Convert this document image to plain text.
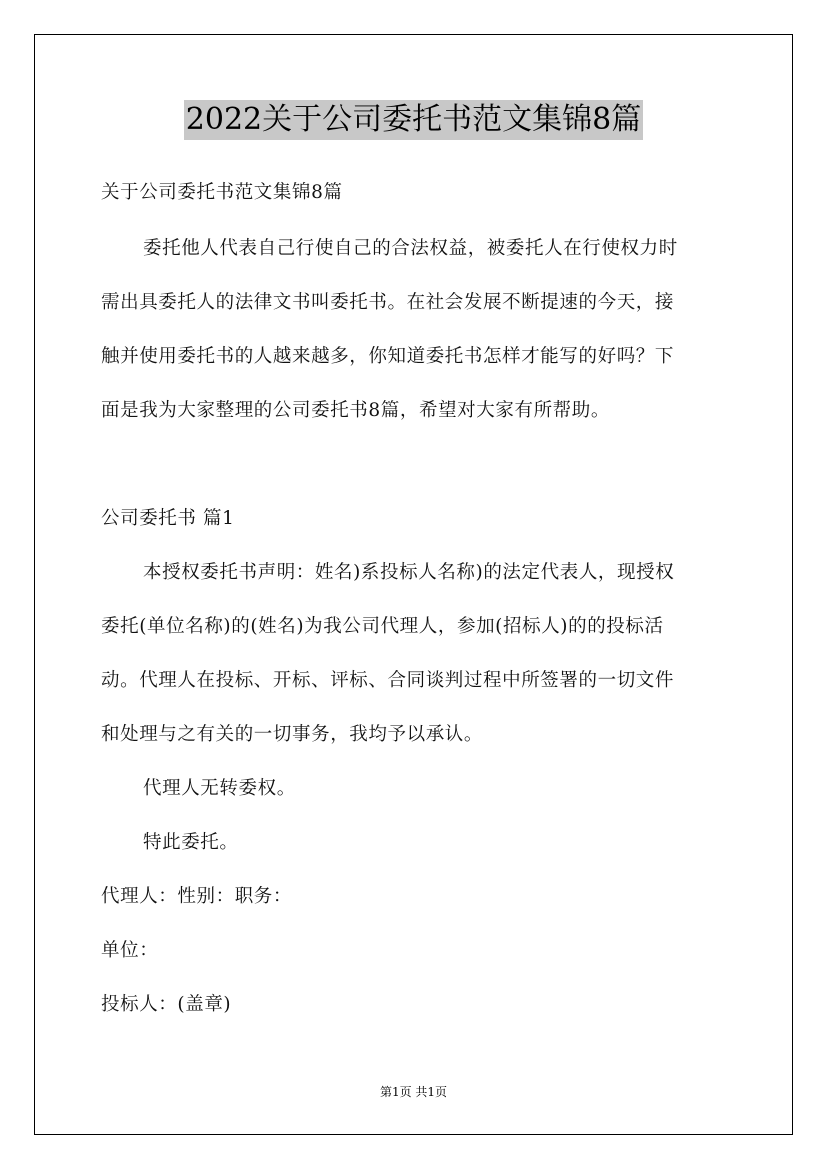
2022关于公司委托书范文集锦8篇
关于公司委托书范文集锦8篇
委托他人代表自己行使自己的合法权益，被委托人在行使权力时
需出具委托人的法律文书叫委托书。在社会发展不断提速的今天，接
触并使用委托书的人越来越多，你知道委托书怎样才能写的好吗？下
面是我为大家整理的公司委托书8篇，希望对大家有所帮助。
公司委托书 篇1
本授权委托书声明：姓名)系投标人名称)的法定代表人，现授权
委托(单位名称)的(姓名)为我公司代理人，参加(招标人)的的投标活
动。代理人在投标、开标、评标、合同谈判过程中所签署的一切文件
和处理与之有关的一切事务，我均予以承认。
代理人无转委权。
特此委托。
代理人：性别：职务：
单位：
投标人：(盖章)
第1页 共1页
